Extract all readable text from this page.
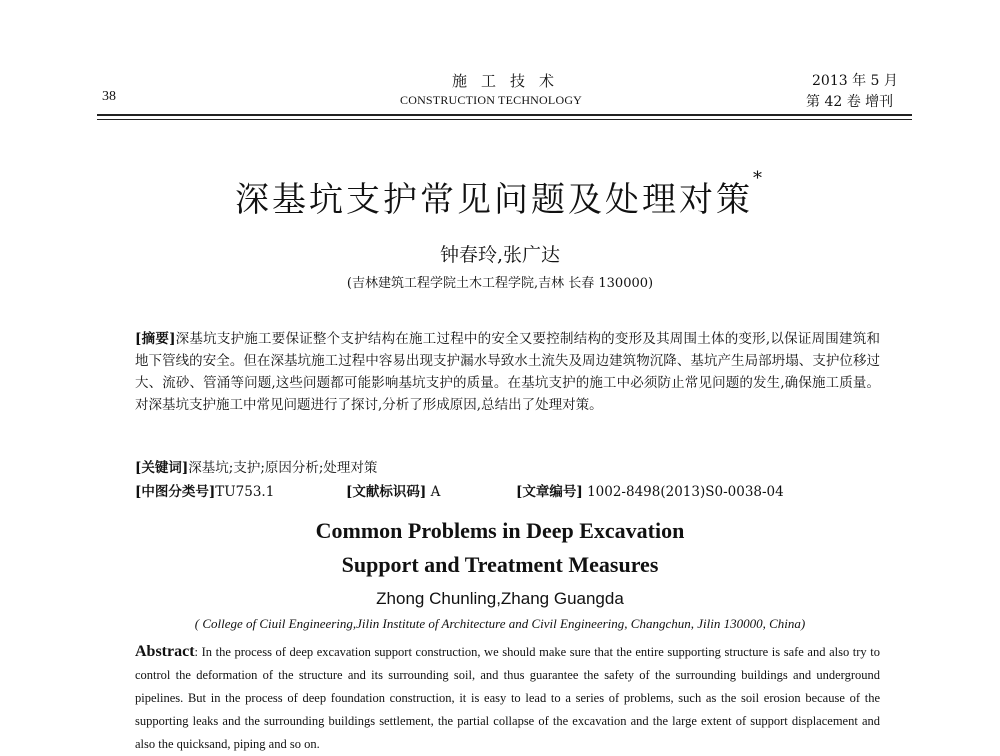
38
施工技术
CONSTRUCTION TECHNOLOGY
2013 年 5 月
第 42 卷 增刊
深基坑支护常见问题及处理对策*
钟春玲,张广达
(吉林建筑工程学院土木工程学院,吉林 长春 130000)
[摘要]深基坑支护施工要保证整个支护结构在施工过程中的安全又要控制结构的变形及其周围土体的变形,以保证周围建筑和地下管线的安全。但在深基坑施工过程中容易出现支护漏水导致水土流失及周边建筑物沉降、基坑产生局部坍塌、支护位移过大、流砂、管涌等问题,这些问题都可能影响基坑支护的质量。在基坑支护的施工中必须防止常见问题的发生,确保施工质量。对深基坑支护施工中常见问题进行了探讨,分析了形成原因,总结出了处理对策。
[关键词]深基坑;支护;原因分析;处理对策
[中图分类号]TU753.1	[文献标识码] A	[文章编号] 1002-8498(2013)S0-0038-04
Common Problems in Deep Excavation
Support and Treatment Measures
Zhong Chunling,Zhang Guangda
( College of Ciuil Engineering,Jilin Institute of Architecture and Civil Engineering, Changchun, Jilin 130000, China)
Abstract: In the process of deep excavation support construction, we should make sure that the entire supporting structure is safe and also try to control the deformation of the structure and its surrounding soil, and thus guarantee the safety of the surrounding buildings and underground pipelines. But in the process of deep foundation construction, it is easy to lead to a series of problems, such as the soil erosion because of the supporting leaks and the surrounding buildings settlement, the partial collapse of the excavation and the large extent of support displacement and also the quicksand, piping and so on.
